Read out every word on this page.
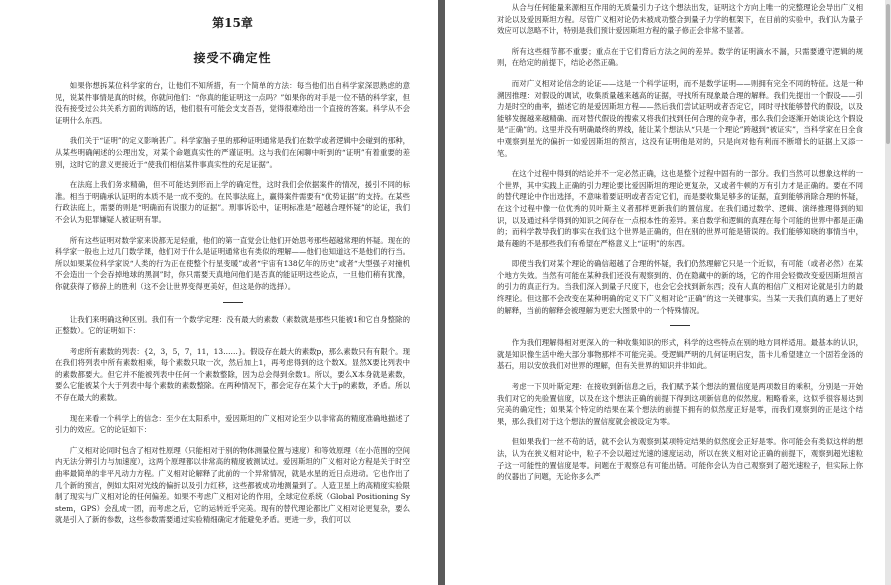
第15章
接受不确定性

如果你想拆某位科学家的台，让他们不知所措，有一个简单的方法：每当他们出自科学家深思熟虑的意见，说某件事情是真的时候，你就问他们：“你真的能证明这一点吗？”如果你的对手是一位不错的科学家，但没有接受过公共关系方面的训练的话，他们很有可能会支支吾吾，觉得很难给出一个直接的答案。科学从不会证明什么东西。

我们关于“证明”的定义影响甚广。科学家脑子里的那种证明通常是我们在数学或者逻辑中会碰到的那种，从某些明确阐述的公理出发，对某个命题真实性的严谨证明。这与我们在闲聊中听到的“证明”有着重要的差别，这时它的意义更接近于“使我们相信某件事真实性的充足证据”。

在法庭上我们务求精确，但不可能达到形而上学的确定性，这时我们会依据案件的情况，援引不同的标准。相当于明确承认证明的本质不是一成不变的。在民事法庭上，赢得案件需要有“优势证据”的支持。在某些行政法庭上，需要的则是“明确而有说服力的证据”。刑事诉讼中，证明标准是“超越合理怀疑”的论证，我们不会认为犯罪嫌疑人被证明有罪。

所有这些证明对数学家来说都无足轻重，他们的第一直觉会让他们开始思考那些超越常理的怀疑。现在的科学家一般也上过几门数学课，他们对于什么是证明通常也有类似的理解——他们也知道这不是他们的行当。所以如果某位科学家说“人类的行为正在使整个行星变暖”或者“宇宙有138亿年的历史”或者“大型强子对撞机不会造出一个会吞掉地球的黑洞”时，你只需要天真地问他们是否真的能证明这些论点，一旦他们稍有犹豫，你就获得了修辞上的胜利（这不会让世界变得更美好，但这是你的选择）。

让我们来明确这种区别。我们有一个数学定理：没有最大的素数（素数就是那些只能被1和它自身整除的正整数）。它的证明如下：

考虑所有素数的列表：{2，3，5，7，11，13……}。假设存在最大的素数p，那么素数只有有限个。现在我们将列表中所有素数相乘，每个素数只取一次，然后加上1，再考虑得到的这个数X。显然X要比列表中的素数都要大。但它并不能被列表中任何一个素数整除，因为总会得到余数1。所以，要么X本身就是素数，要么它能被某个大于列表中每个素数的素数整除。在两种情况下，都会定存在某个大于p的素数，矛盾。所以不存在最大的素数。

现在来看一个科学上的信念：至少在太阳系中，爱因斯坦的广义相对论至少以非常高的精度准确地描述了引力的效应。它的论证如下：

广义相对论同时包含了相对性原理（只能相对于别的物体测量位置与速度）和等效原理（在小范围的空间内无法分辨引力与加速度），这两个原理都以非常高的精度被测试过。爱因斯坦的广义相对论方程是关于时空曲率最简单的非平凡动力方程。广义相对论解释了此前的一个异常情况，就是水星的近日点进动。它也作出了几个新的预言，例如太阳对光线的偏折以及引力红移，这些都被成功地测量到了。人造卫星上的高精度实验限制了现实与广义相对论的任何偏差。如果不考虑广义相对论的作用，全球定位系统（Global Positioning System，GPS）会乱成一团，而考虑之后，它的运转近乎完美。现有的替代理论都比广义相对论更复杂，要么就是引入了新的参数，这些参数需要通过实验精细确定才能避免矛盾。更进一步，我们可以

从合与任何能量来源相互作用的无质量引力子这个想法出发，证明这个方向上唯一的完整理论会导出广义相对论以及爱因斯坦方程。尽管广义相对论仍未被成功整合到量子力学的框架下，在目前的实验中，我们认为量子效应可以忽略不计，特别是我们预计爱因斯坦方程的量子修正会非常不显著。

所有这些细节都不重要；重点在于它们背后方法之间的差异。数学的证明滴水不漏，只需要遵守逻辑的规则，在给定的前提下，结论必然正确。

而对广义相对论信念的论证——这是一个科学证明，而不是数学证明——则拥有完全不同的特征。这是一种溯因推理：对假设的调试，收集质量越来越高的证据，寻找所有现象最合理的解释。我们先提出一个假设——引力是时空的曲率，描述它的是爱因斯坦方程——然后我们尝试证明或者否定它，同时寻找能够替代的假设，以及能够发掘越来越精确、而对替代假设的搜索又将我们找到任何合理的竞争者，那么我们会逐渐开始谈论这个假设是“正确”的。这里并没有明确最终的界线，能让某个想法从“只是一个理论”跨越到“被证实”，当科学家在日全食中观察到星光的偏折一如爱因斯坦的预言，这没有证明他是对的，只是向对他有利而不断增长的证据上又添一笔。

在这个过程中得到的结论并不一定必然正确，这也是整个过程中固有的一部分。我们当然可以想象这样的一个世界，其中实践上正确的引力理论要比爱因斯坦的理论更复杂，又或者牛顿的万有引力才是正确的。要在不同的替代理论中作出选择，不意味着要证明或者否定它们，而是要收集足够多的证据，直到能够消除合理的怀疑，在这个过程中像一位优秀的贝叶斯主义者那样更新我们的置信度。在我们通过数学、逻辑、演绎推理得到的知识，以及通过科学得到的知识之间存在一点根本性的差异。来自数学和逻辑的真理在每个可能的世界中都是正确的；而科学教导我们的事实在我们这个世界是正确的，但在别的世界可能是错误的。我们能够知晓的事情当中，最有趣的不是那些我们有希望在严格意义上“证明”的东西。

即使当我们对某个理论的确信超越了合理的怀疑，我们仍然理解它只是一个近似，有可能（或者必然）在某个地方失效。当然有可能在某种我们还没有观察到的、仍在隐藏中的新的场，它的作用会轻微改变爱因斯坦预言的引力的真正行为。当我们深入到量子尺度下，也会它会找到新东西；没有人真的相信广义相对论就是引力的最终理论。但这都不会改变在某种明确的定义下广义相对论“正确”的这一关键事实。当某一天我们真的遇上了更好的解释，当前的解释会被理解为更宏大图景中的一个特殊情况。

作为我们理解得相对更深入的一种收集知识的形式，科学的这些特点在别的地方同样适用。最基本的认识，就是知识像生活中绝大部分事物那样不可能完美。受逻辑严明的几何证明启发，笛卡儿希望建立一个固若金汤的基石，用以安放我们对世界的理解，但有关世界的知识并非如此。

考虑一下贝叶斯定理：在接收到新信息之后，我们赋予某个想法的置信度是两项数目的乘积，分别是一开始我们对它的先验置信度，以及在这个想法正确的前提下得到这项新信息的似然度。粗略看来，这似乎很容易达到完美的确定性；如果某个特定的结果在某个想法的前提下拥有的似然度正好是零，而我们观察到的正是这个结果，那么我们对于这个想法的置信度就会被设定为零。

但如果我们一丝不苟的话，就不会认为观察到某项特定结果的似然度会正好是零。你可能会有类似这样的想法，认为在狭义相对论中，粒子不会以超过光速的速度运动，所以在狭义相对论正确的前提下，观察到超光速粒子这一可能性的置信度是零。问题在于观察总有可能出错。可能你会认为自己观察到了超光速粒子，但实际上你的仪器出了问题，无论你多么严
